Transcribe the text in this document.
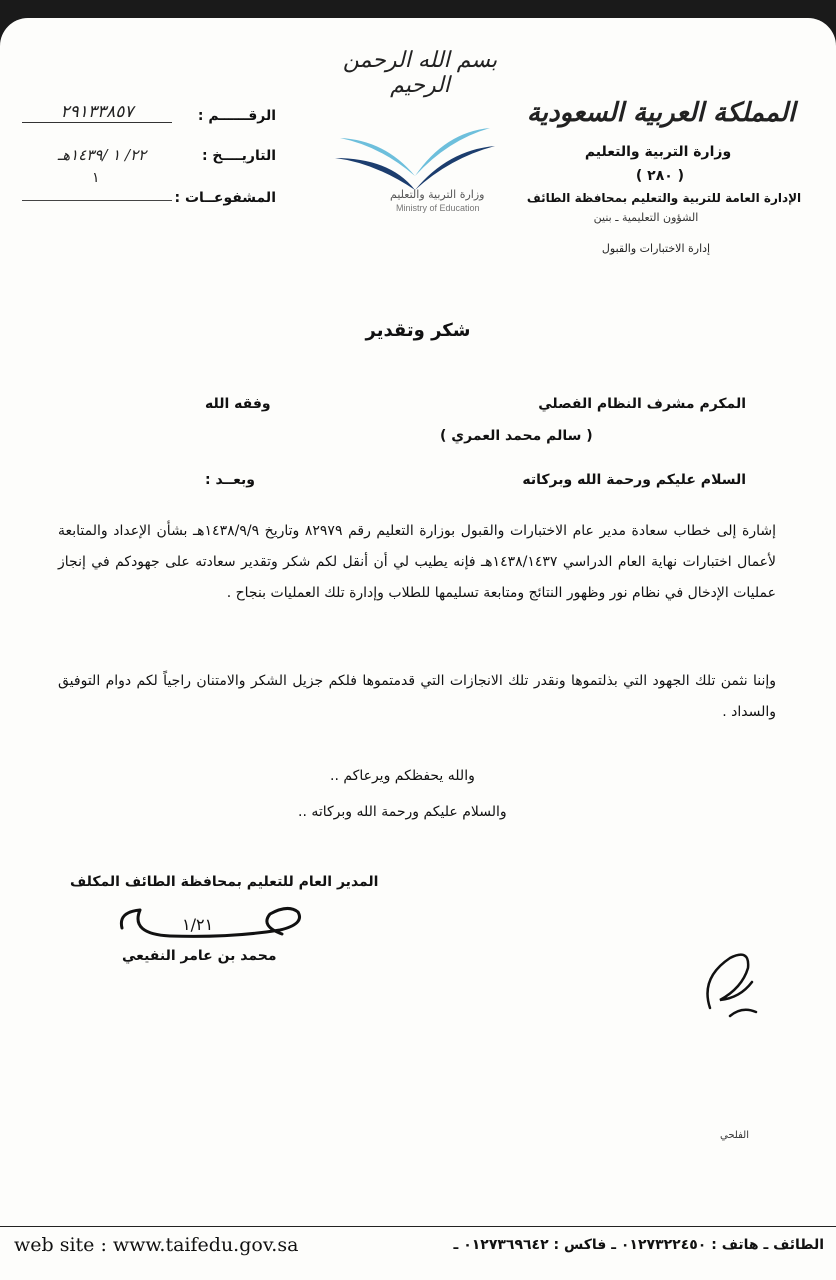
بسم الله الرحمن الرحيم
المملكة العربية السعودية
وزارة التربية والتعليم
( ٢٨٠ )
الإدارة العامة للتربية والتعليم بمحافظة الطائف
الشؤون التعليمية ـ بنين
إدارة الاختبارات والقبول
وزارة التربية والتعليم
Ministry of Education
الرقــــــم :
٢٩١٣٣٨٥٧
التاريــــخ :
٢٢/ ١ /١٤٣٩هـ
١
المشفوعــات :
شكر وتقدير
المكرم مشرف النظام الفصلي
وفقه الله
( سالم محمد العمري )
السلام عليكم ورحمة الله وبركاته
وبعــد :
إشارة إلى خطاب سعادة مدير عام الاختبارات والقبول بوزارة التعليم رقم ٨٢٩٧٩ وتاريخ ١٤٣٨/٩/٩هـ بشأن الإعداد والمتابعة لأعمال اختبارات نهاية العام الدراسي ١٤٣٨/١٤٣٧هـ فإنه يطيب لي أن أنقل لكم شكر وتقدير سعادته على جهودكم في إنجاز عمليات الإدخال في نظام نور وظهور النتائج ومتابعة تسليمها للطلاب وإدارة تلك العمليات بنجاح .
وإننا نثمن تلك الجهود التي بذلتموها ونقدر تلك الانجازات التي قدمتموها فلكم جزيل الشكر والامتنان راجياً لكم دوام التوفيق والسداد .
والله يحفظكم ويرعاكم ..
والسلام عليكم ورحمة الله وبركاته ..
المدير العام للتعليم بمحافظة الطائف المكلف
١/٢١
محمد بن عامر النفيعي
الفلحي
web site : www.taifedu.gov.sa	الطائف ـ هاتف : ٠١٢٧٣٢٢٤٥٠ ـ فاكس : ٠١٢٧٣٦٩٦٤٢ ـ
